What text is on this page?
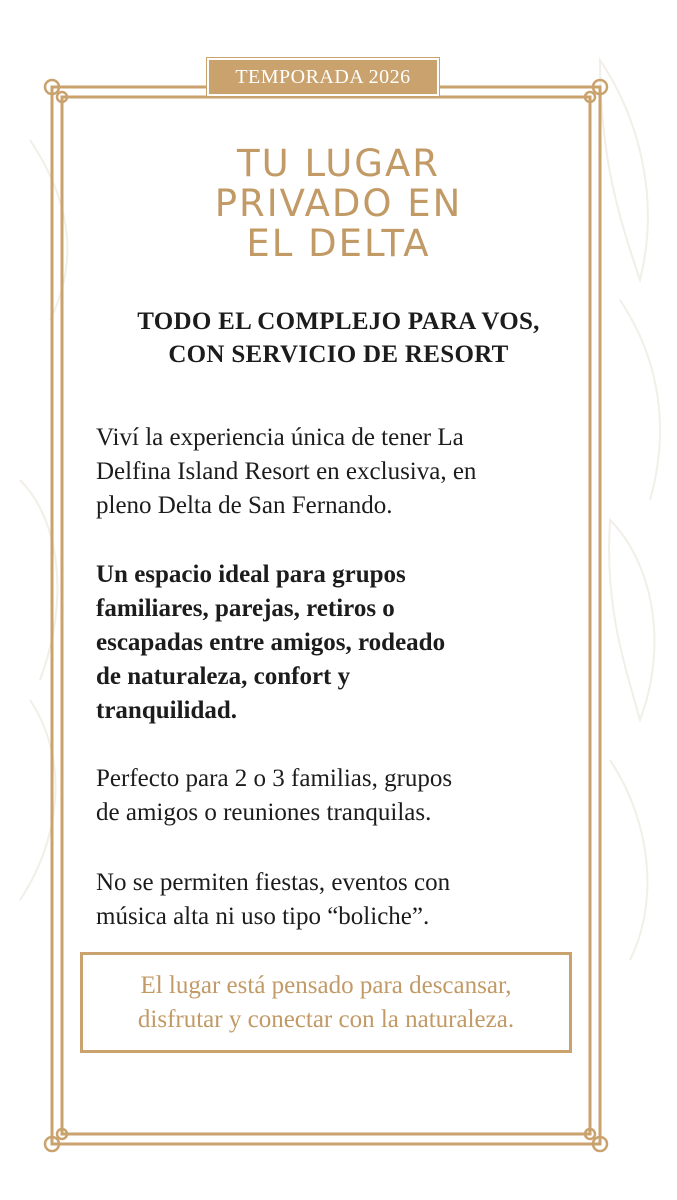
TEMPORADA 2026
TU LUGAR
PRIVADO EN
EL DELTA
TODO EL COMPLEJO PARA VOS,
CON SERVICIO DE RESORT

Viví la experiencia única de tener La
Delfina Island Resort en exclusiva, en
pleno Delta de San Fernando.

Un espacio ideal para grupos
familiares, parejas, retiros o
escapadas entre amigos, rodeado
de naturaleza, confort y
tranquilidad.

Perfecto para 2 o 3 familias, grupos
de amigos o reuniones tranquilas.

No se permiten fiestas, eventos con
música alta ni uso tipo “boliche”.

El lugar está pensado para descansar,
disfrutar y conectar con la naturaleza.
